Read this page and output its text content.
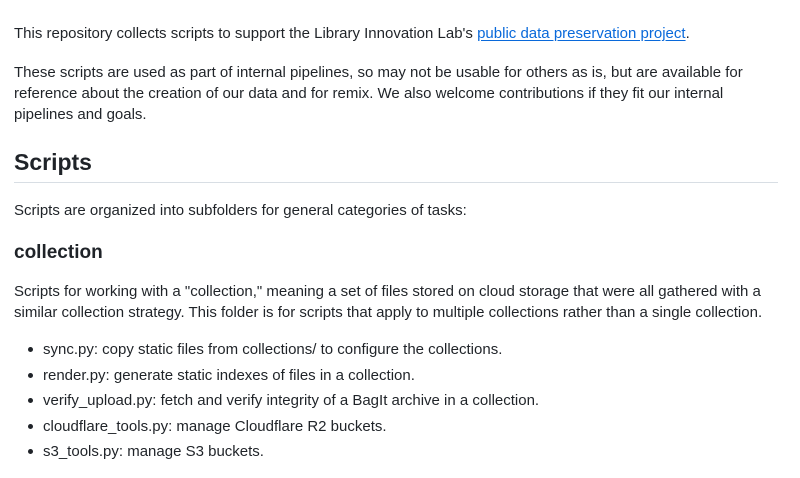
This repository collects scripts to support the Library Innovation Lab's public data preservation project.

These scripts are used as part of internal pipelines, so may not be usable for others as is, but are available for reference about the creation of our data and for remix. We also welcome contributions if they fit our internal pipelines and goals.

Scripts

Scripts are organized into subfolders for general categories of tasks:

collection

Scripts for working with a "collection," meaning a set of files stored on cloud storage that were all gathered with a similar collection strategy. This folder is for scripts that apply to multiple collections rather than a single collection.

sync.py: copy static files from collections/ to configure the collections.
render.py: generate static indexes of files in a collection.
verify_upload.py: fetch and verify integrity of a BagIt archive in a collection.
cloudflare_tools.py: manage Cloudflare R2 buckets.
s3_tools.py: manage S3 buckets.
